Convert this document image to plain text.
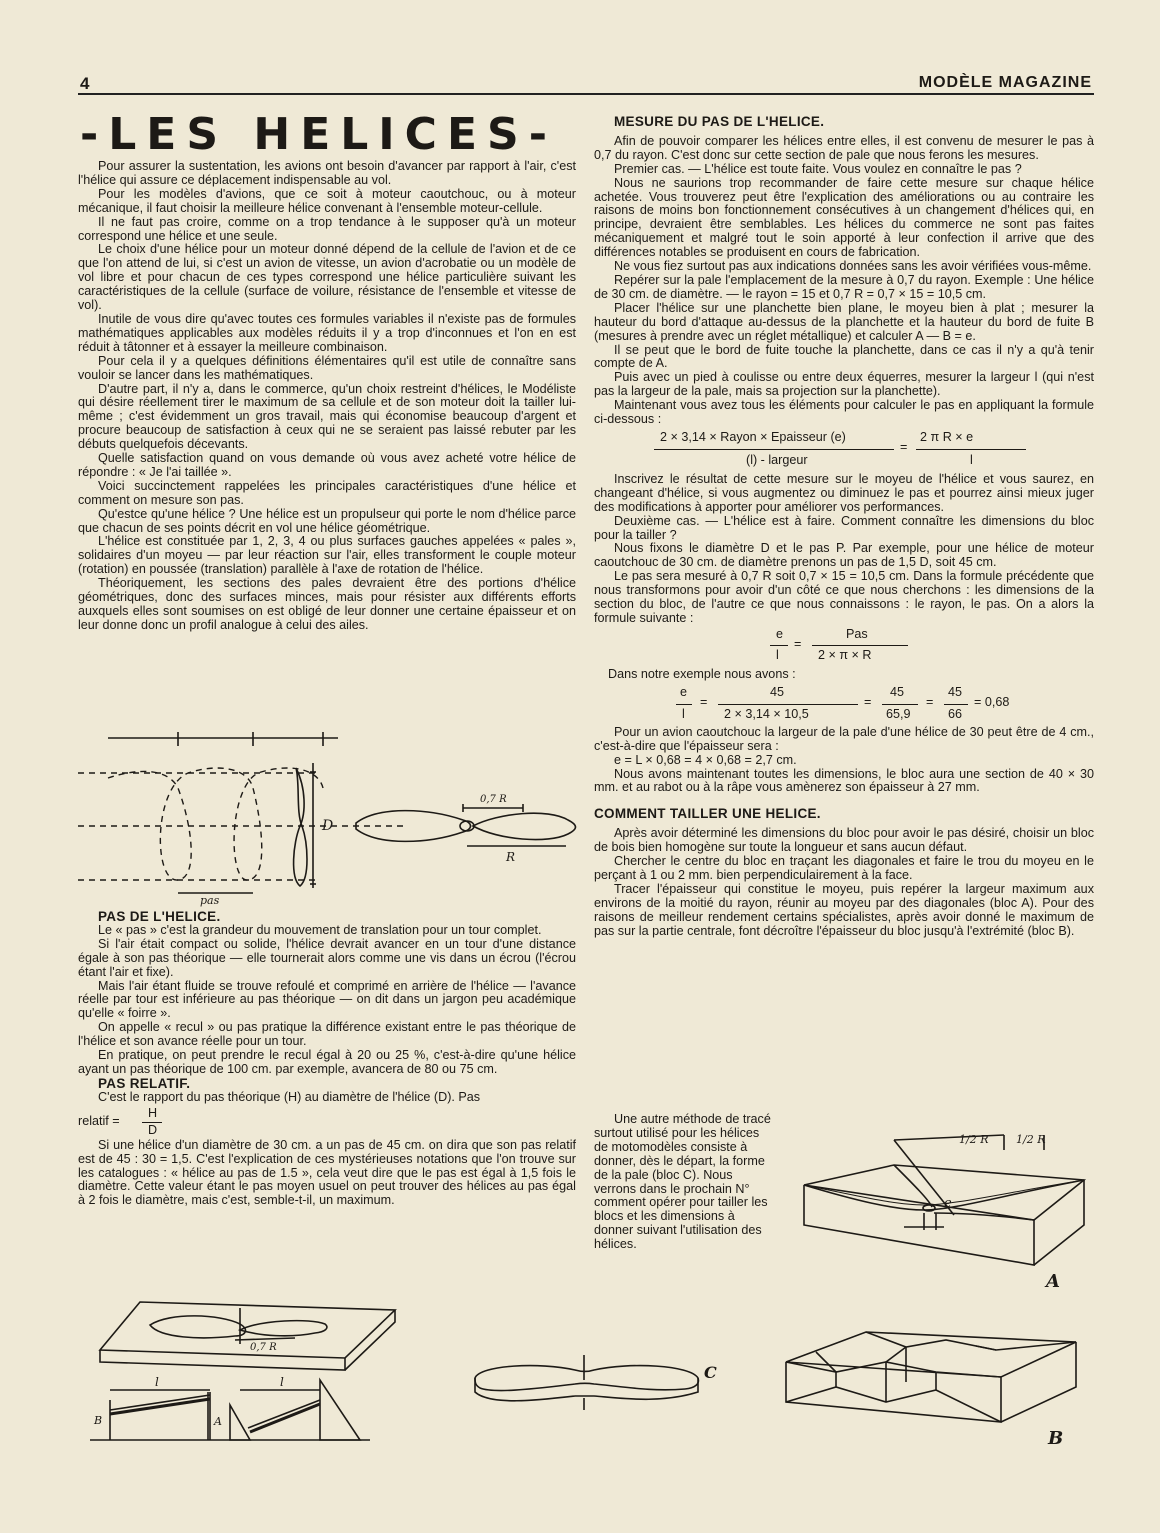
4	MODÈLE MAGAZINE
-LES HELICES-

Pour assurer la sustentation, les avions ont besoin d'avancer par rapport à l'air, c'est l'hélice qui assure ce déplacement indispensable au vol.

Pour les modèles d'avions, que ce soit à moteur caoutchouc, ou à moteur mécanique, il faut choisir la meilleure hélice convenant à l'ensemble moteur-cellule.

Il ne faut pas croire, comme on a trop tendance à le supposer qu'à un moteur correspond une hélice et une seule.

Le choix d'une hélice pour un moteur donné dépend de la cellule de l'avion et de ce que l'on attend de lui, si c'est un avion de vitesse, un avion d'acrobatie ou un modèle de vol libre et pour chacun de ces types correspond une hélice particulière suivant les caractéristiques de la cellule (surface de voilure, résistance de l'ensemble et vitesse de vol).

Inutile de vous dire qu'avec toutes ces formules variables il n'existe pas de formules mathématiques applicables aux modèles réduits il y a trop d'inconnues et l'on en est réduit à tâtonner et à essayer la meilleure combinaison.

Pour cela il y a quelques définitions élémentaires qu'il est utile de connaître sans vouloir se lancer dans les mathématiques.

D'autre part, il n'y a, dans le commerce, qu'un choix restreint d'hélices, le Modéliste qui désire réellement tirer le maximum de sa cellule et de son moteur doit la tailler lui-même ; c'est évidemment un gros travail, mais qui économise beaucoup d'argent et procure beaucoup de satisfaction à ceux qui ne se seraient pas laissé rebuter par les débuts quelquefois décevants.

Quelle satisfaction quand on vous demande où vous avez acheté votre hélice de répondre : « Je l'ai taillée ».

Voici succinctement rappelées les principales caractéristiques d'une hélice et comment on mesure son pas.

Qu'estce qu'une hélice ? Une hélice est un propulseur qui porte le nom d'hélice parce que chacun de ses points décrit en vol une hélice géométrique.

L'hélice est constituée par 1, 2, 3, 4 ou plus surfaces gauches appelées « pales », solidaires d'un moyeu — par leur réaction sur l'air, elles transforment le couple moteur (rotation) en poussée (translation) parallèle à l'axe de rotation de l'hélice.

Théoriquement, les sections des pales devraient être des portions d'hélice géométriques, donc des surfaces minces, mais pour résister aux différents efforts auxquels elles sont soumises on est obligé de leur donner une certaine épaisseur et on leur donne donc un profil analogue à celui des ailes.

D
pas
0,7 R
R

PAS DE L'HELICE.

Le « pas » c'est la grandeur du mouvement de translation pour un tour complet.

Si l'air était compact ou solide, l'hélice devrait avancer en un tour d'une distance égale à son pas théorique — elle tournerait alors comme une vis dans un écrou (l'écrou étant l'air et fixe).

Mais l'air étant fluide se trouve refoulé et comprimé en arrière de l'hélice — l'avance réelle par tour est inférieure au pas théorique — on dit dans un jargon peu académique qu'elle « foirre ».

On appelle « recul » ou pas pratique la différence existant entre le pas théorique de l'hélice et son avance réelle pour un tour.

En pratique, on peut prendre le recul égal à 20 ou 25 %, c'est-à-dire qu'une hélice ayant un pas théorique de 100 cm. par exemple, avancera de 80 ou 75 cm.

PAS RELATIF.

C'est le rapport du pas théorique (H) au diamètre de l'hélice (D). Pas

relatif =
H
D

Si une hélice d'un diamètre de 30 cm. a un pas de 45 cm. on dira que son pas relatif est de 45 : 30 = 1,5. C'est l'explication de ces mystérieuses notations que l'on trouve sur les catalogues : « hélice au pas de 1.5 », cela veut dire que le pas est égal à 1,5 fois le diamètre. Cette valeur étant le pas moyen usuel on peut trouver des hélices au pas égal à 2 fois le diamètre, mais c'est, semble-t-il, un maximum.

MESURE DU PAS DE L'HELICE.

Afin de pouvoir comparer les hélices entre elles, il est convenu de mesurer le pas à 0,7 du rayon. C'est donc sur cette section de pale que nous ferons les mesures.

Premier cas. — L'hélice est toute faite. Vous voulez en connaître le pas ?

Nous ne saurions trop recommander de faire cette mesure sur chaque hélice achetée. Vous trouverez peut être l'explication des améliorations ou au contraire les raisons de moins bon fonctionnement consécutives à un changement d'hélices qui, en principe, devraient être semblables. Les hélices du commerce ne sont pas faites mécaniquement et malgré tout le soin apporté à leur confection il arrive que des différences notables se produisent en cours de fabrication.

Ne vous fiez surtout pas aux indications données sans les avoir vérifiées vous-même.

Repérer sur la pale l'emplacement de la mesure à 0,7 du rayon. Exemple : Une hélice de 30 cm. de diamètre. — le rayon = 15 et 0,7 R = 0,7 × 15 = 10,5 cm.

Placer l'hélice sur une planchette bien plane, le moyeu bien à plat ; mesurer la hauteur du bord d'attaque au-dessus de la planchette et la hauteur du bord de fuite B (mesures à prendre avec un réglet métallique) et calculer A — B = e.

Il se peut que le bord de fuite touche la planchette, dans ce cas il n'y a qu'à tenir compte de A.

Puis avec un pied à coulisse ou entre deux équerres, mesurer la largeur l (qui n'est pas la largeur de la pale, mais sa projection sur la planchette).

Maintenant vous avez tous les éléments pour calculer le pas en appliquant la formule ci-dessous :

2 × 3,14 × Rayon × Epaisseur (e)
(l) - largeur
=
2 π R × e
l

Inscrivez le résultat de cette mesure sur le moyeu de l'hélice et vous saurez, en changeant d'hélice, si vous augmentez ou diminuez le pas et pourrez ainsi mieux juger des modifications à apporter pour améliorer vos performances.

Deuxième cas. — L'hélice est à faire. Comment connaître les dimensions du bloc pour la tailler ?

Nous fixons le diamètre D et le pas P. Par exemple, pour une hélice de moteur caoutchouc de 30 cm. de diamètre prenons un pas de 1,5 D, soit 45 cm.

Le pas sera mesuré à 0,7 R soit 0,7 × 15 = 10,5 cm. Dans la formule précédente que nous transformons pour avoir d'un côté ce que nous cherchons : les dimensions de la section du bloc, de l'autre ce que nous connaissons : le rayon, le pas. On a alors la formule suivante :

e
l
=
Pas
2 × π × R

Dans notre exemple nous avons :

e
l
=
45
2 × 3,14 × 10,5
=
45
65,9
=
45
66
= 0,68

Pour un avion caoutchouc la largeur de la pale d'une hélice de 30 peut être de 4 cm., c'est-à-dire que l'épaisseur sera :

e = L × 0,68 = 4 × 0,68 = 2,7 cm.

Nous avons maintenant toutes les dimensions, le bloc aura une section de 40 × 30 mm. et au rabot ou à la râpe vous amènerez son épaisseur à 27 mm.

COMMENT TAILLER UNE HELICE.

Après avoir déterminé les dimensions du bloc pour avoir le pas désiré, choisir un bloc de bois bien homogène sur toute la longueur et sans aucun défaut.

Chercher le centre du bloc en traçant les diagonales et faire le trou du moyeu en le perçant à 1 ou 2 mm. bien perpendiculairement à la face.

Tracer l'épaisseur qui constitue le moyeu, puis repérer la largeur maximum aux environs de la moitié du rayon, réunir au moyeu par des diagonales (bloc A). Pour des raisons de meilleur rendement certains spécialistes, après avoir donné le maximum de pas sur la partie centrale, font décroître l'épaisseur du bloc jusqu'à l'extrémité (bloc B).

Une autre méthode de tracé surtout utilisé pour les hélices de motomodèles consiste à donner, dès le départ, la forme de la pale (bloc C). Nous verrons dans le prochain N° comment opérer pour tailler les blocs et les dimensions à donner suivant l'utilisation des hélices.

1/2 R	1/2 R
e
A
0,7 R
l
A
B
l	C
B
